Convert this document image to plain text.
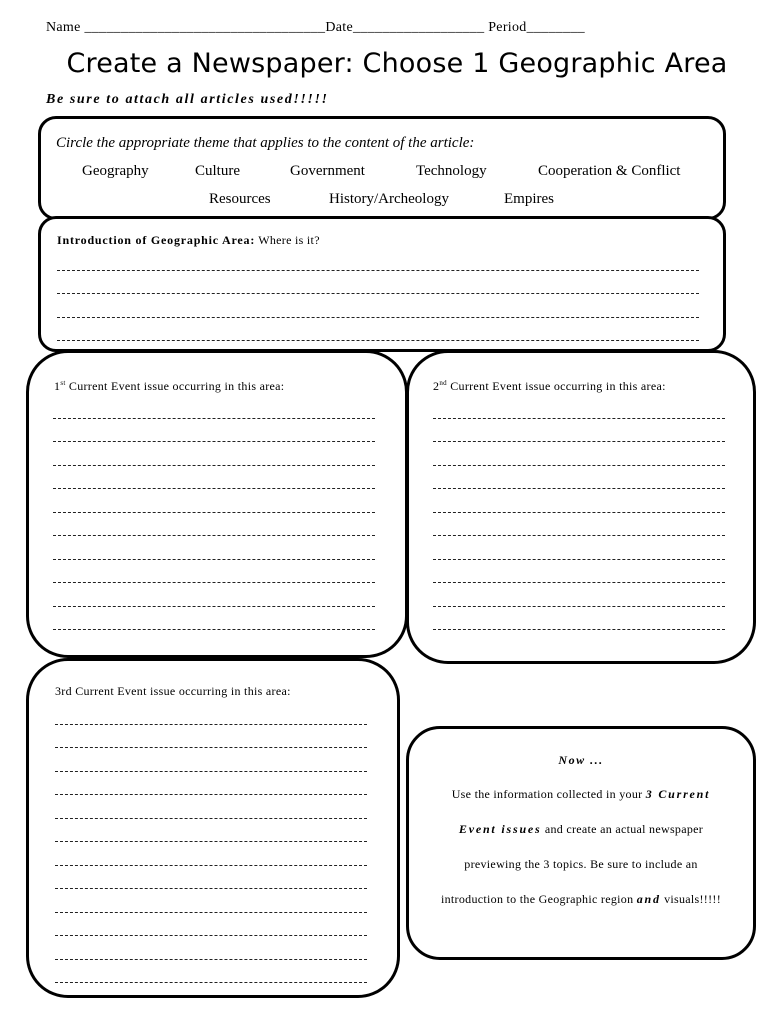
Name _________________________________Date__________________ Period________
Create a Newspaper: Choose 1 Geographic Area
Be sure to attach all articles used!!!!!
Circle the appropriate theme that applies to the content of the article:
Geography	Culture	Government	Technology	Cooperation & Conflict
Resources	History/Archeology	Empires
Introduction of Geographic Area: Where is it?
1st Current Event issue occurring in this area:	2nd Current Event issue occurring in this area:
3rd Current Event issue occurring in this area:
Now ...
Use the information collected in your 3 Current
Event issues and create an actual newspaper
previewing the 3 topics. Be sure to include an
introduction to the Geographic region and visuals!!!!!
